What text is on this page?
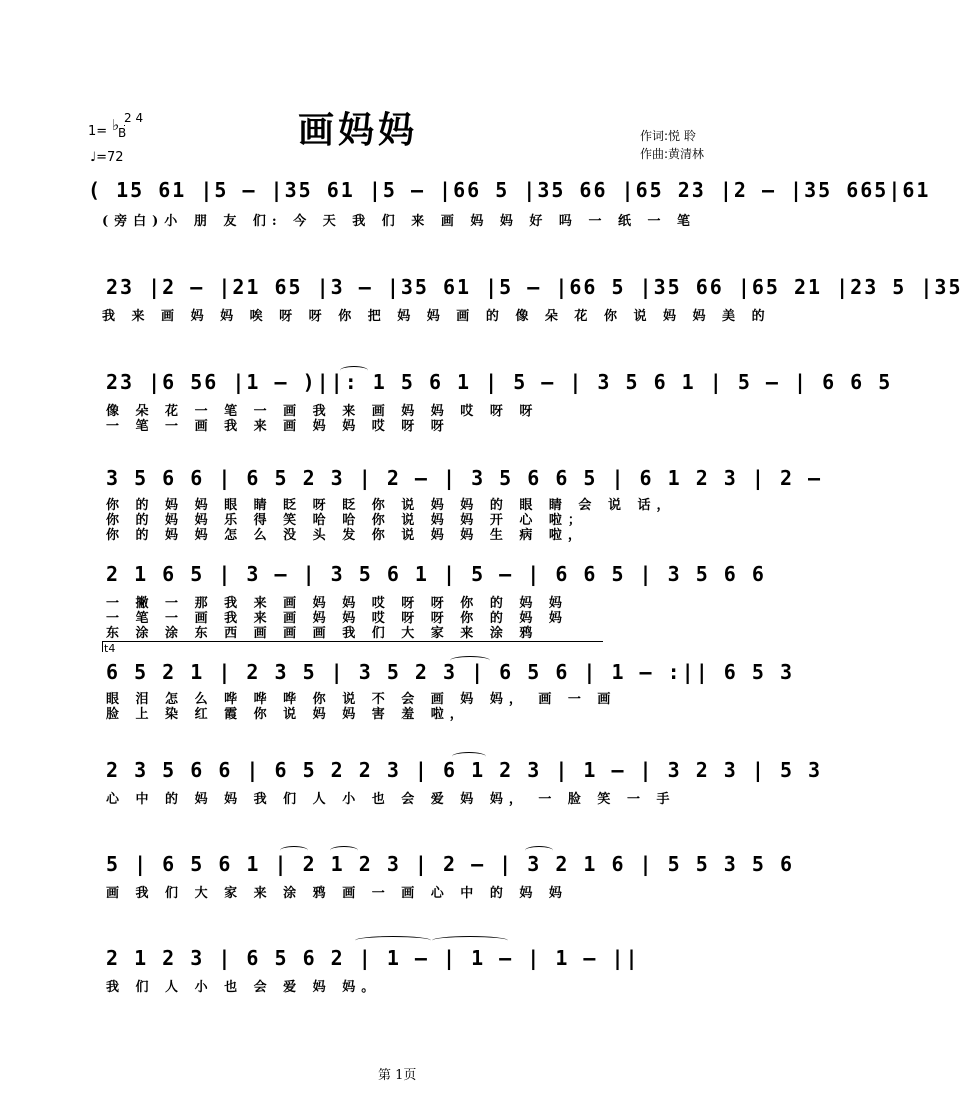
画妈妈
1= ♭
B
2 4
♩=72
作词:悦 聆
作曲:黄清林
( 15 61 |5 – |35 61 |5 – |66 5 |35 66 |65 23 |2 – |35 665|61
(旁白)小 朋 友 们: 今 天 我 们 来 画 妈 妈 好 吗 一 纸 一 笔
23 |2 – |21 65 |3 – |35 61 |5 – |66 5 |35 66 |65 21 |23 5 |35
我 来 画 妈 妈 唉 呀 呀 你 把 妈 妈 画 的 像 朵 花 你 说 妈 妈 美 的
23 |6 56 |1 – )||: 1 5 6 1 | 5 – | 3 5 6 1 | 5 – | 6 6 5
像 朵 花 一 笔 一 画 我 来 画 妈 妈 哎 呀 呀
一 笔 一 画 我 来 画 妈 妈 哎 呀 呀
3 5 6 6 | 6 5 2 3 | 2 – | 3 5 6 6 5 | 6 1 2 3 | 2 –
你 的 妈 妈 眼 睛 眨 呀 眨 你 说 妈 妈 的 眼 睛 会 说 话，
你 的 妈 妈 乐 得 笑 哈 哈 你 说 妈 妈 开 心 啦；
你 的 妈 妈 怎 么 没 头 发 你 说 妈 妈 生 病 啦，
2 1 6 5 | 3 – | 3 5 6 1 | 5 – | 6 6 5 | 3 5 6 6
一 撇 一 那 我 来 画 妈 妈 哎 呀 呀 你 的 妈 妈
一 笔 一 画 我 来 画 妈 妈 哎 呀 呀 你 的 妈 妈
东 涂 涂 东 西 画 画 画 我 们 大 家 来 涂 鸦
t4
6 5 2 1 | 2 3 5 | 3 5 2 3 | 6 5 6 | 1 – :|| 6 5 3
眼 泪 怎 么 哗 哗 哗 你 说 不 会 画 妈 妈， 画 一 画
脸 上 染 红 霞 你 说 妈 妈 害 羞 啦，
2 3 5 6 6 | 6 5 2 2 3 | 6 1 2 3 | 1 – | 3 2 3 | 5 3
心 中 的 妈 妈 我 们 人 小 也 会 爱 妈 妈， 一 脸 笑 一 手
5 | 6 5 6 1 | 2 1 2 3 | 2 – | 3 2 1 6 | 5 5 3 5 6
画 我 们 大 家 来 涂 鸦 画 一 画 心 中 的 妈 妈
2 1 2 3 | 6 5 6 2 | 1 – | 1 – | 1 – ||
我 们 人 小 也 会 爱 妈 妈。
第 1页
